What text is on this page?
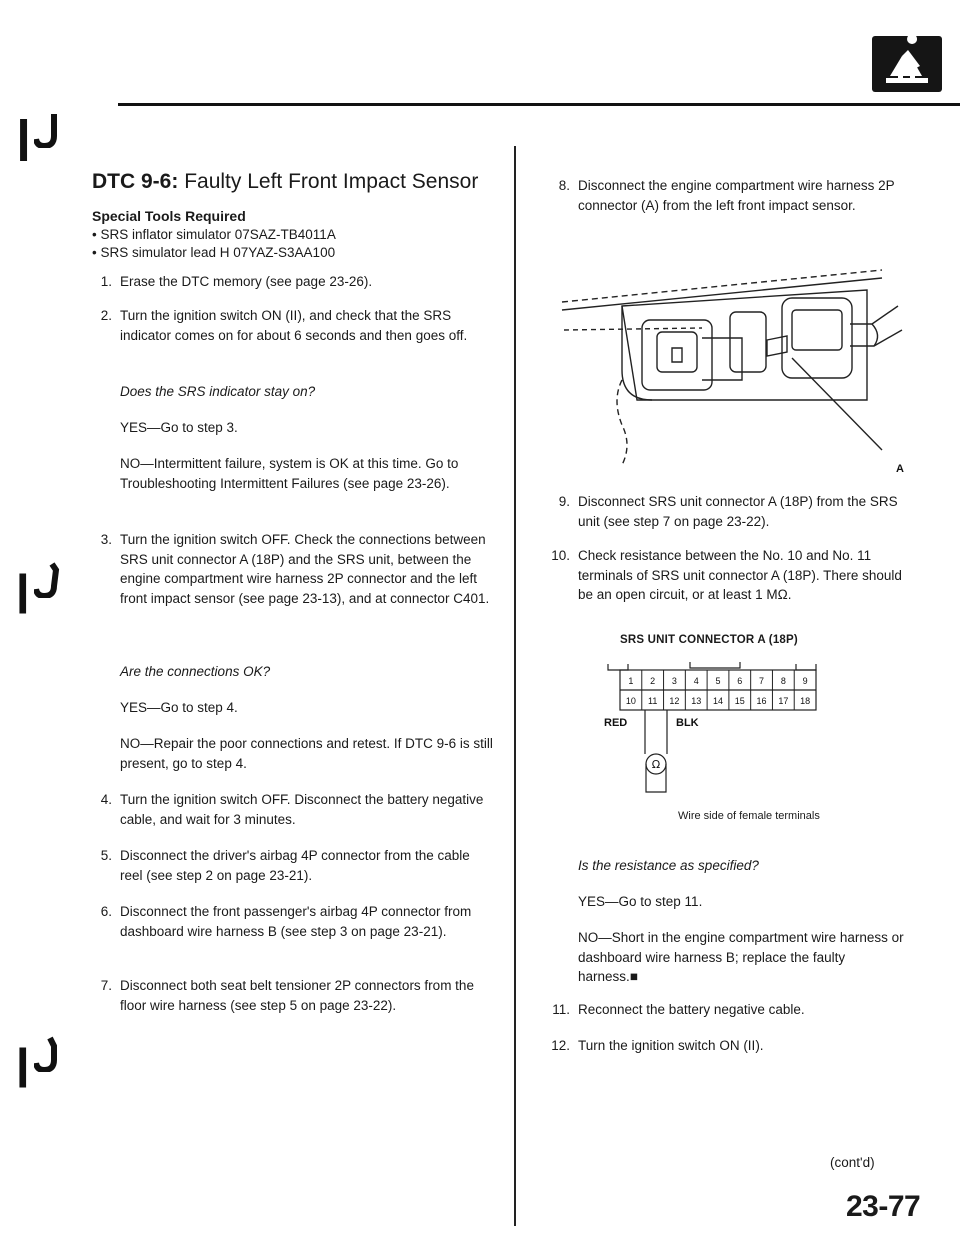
❙
❙
❙
DTC 9-6: Faulty Left Front Impact Sensor
Special Tools Required
• SRS inflator simulator 07SAZ-TB4011A
• SRS simulator lead H 07YAZ-S3AA100
1. Erase the DTC memory (see page 23-26).
2. Turn the ignition switch ON (II), and check that the SRS indicator comes on for about 6 seconds and then goes off.
Does the SRS indicator stay on?
YES—Go to step 3.
NO—Intermittent failure, system is OK at this time. Go to Troubleshooting Intermittent Failures (see page 23-26).
3. Turn the ignition switch OFF. Check the connections between SRS unit connector A (18P) and the SRS unit, between the engine compartment wire harness 2P connector and the left front impact sensor (see page 23-13), and at connector C401.
Are the connections OK?
YES—Go to step 4.
NO—Repair the poor connections and retest. If DTC 9-6 is still present, go to step 4.
4. Turn the ignition switch OFF. Disconnect the battery negative cable, and wait for 3 minutes.
5. Disconnect the driver's airbag 4P connector from the cable reel (see step 2 on page 23-21).
6. Disconnect the front passenger's airbag 4P connector from dashboard wire harness B (see step 3 on page 23-21).
7. Disconnect both seat belt tensioner 2P connectors from the floor wire harness (see step 5 on page 23-22).
8. Disconnect the engine compartment wire harness 2P connector (A) from the left front impact sensor.
A
9. Disconnect SRS unit connector A (18P) from the SRS unit (see step 7 on page 23-22).
10. Check resistance between the No. 10 and No. 11 terminals of SRS unit connector A (18P). There should be an open circuit, or at least 1 MΩ.
SRS UNIT CONNECTOR A (18P)
1 2 3 4 5 6 7 8 9
10 11 12 13 14 15 16 17 18
RED	BLK
Ω
Wire side of female terminals
Is the resistance as specified?
YES—Go to step 11.
NO—Short in the engine compartment wire harness or dashboard wire harness B; replace the faulty harness.■
11. Reconnect the battery negative cable.
12. Turn the ignition switch ON (II).
(cont'd)
23-77
